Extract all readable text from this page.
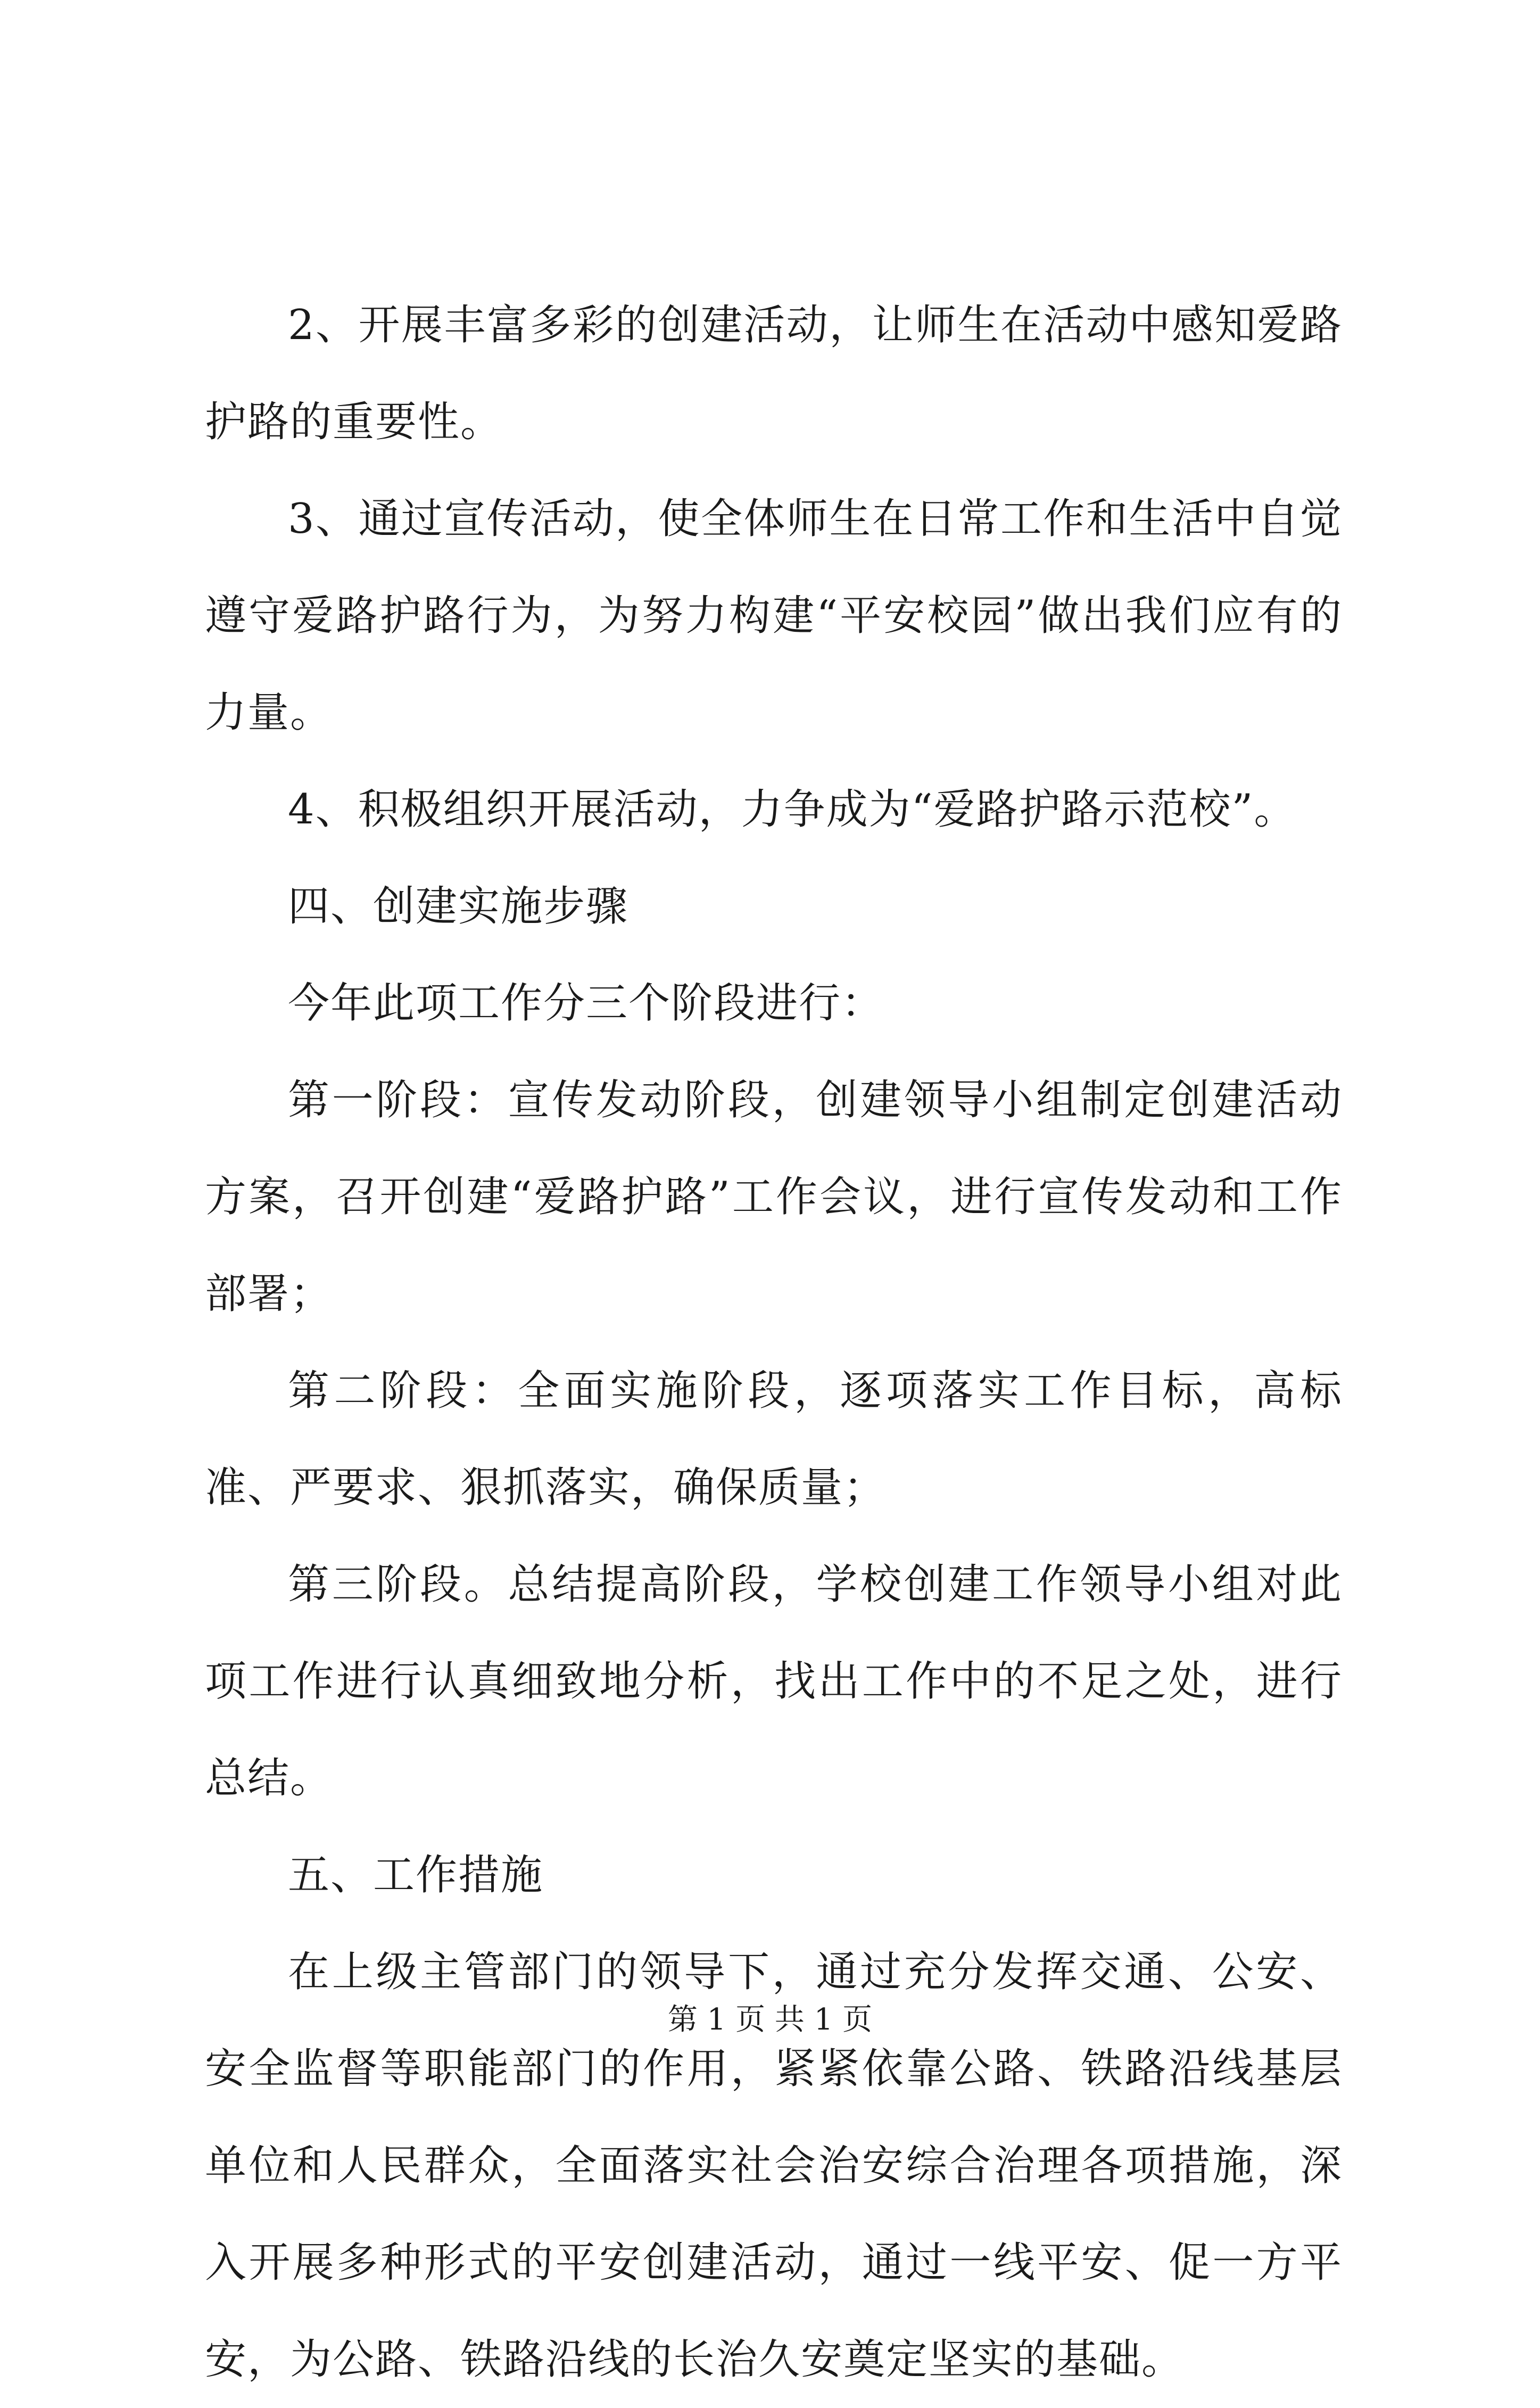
2、开展丰富多彩的创建活动，让师生在活动中感知爱路护路的重要性。

3、通过宣传活动，使全体师生在日常工作和生活中自觉遵守爱路护路行为，为努力构建“平安校园”做出我们应有的力量。

4、积极组织开展活动，力争成为“爱路护路示范校”。

四、创建实施步骤

今年此项工作分三个阶段进行：

第一阶段：宣传发动阶段，创建领导小组制定创建活动方案，召开创建“爱路护路”工作会议，进行宣传发动和工作部署；

第二阶段：全面实施阶段，逐项落实工作目标，高标准、严要求、狠抓落实，确保质量；

第三阶段。总结提高阶段，学校创建工作领导小组对此项工作进行认真细致地分析，找出工作中的不足之处，进行总结。

五、工作措施

在上级主管部门的领导下，通过充分发挥交通、公安、安全监督等职能部门的作用，紧紧依靠公路、铁路沿线基层单位和人民群众，全面落实社会治安综合治理各项措施，深入开展多种形式的平安创建活动，通过一线平安、促一方平安，为公路、铁路沿线的长治久安奠定坚实的基础。

第 1 页 共 1 页
